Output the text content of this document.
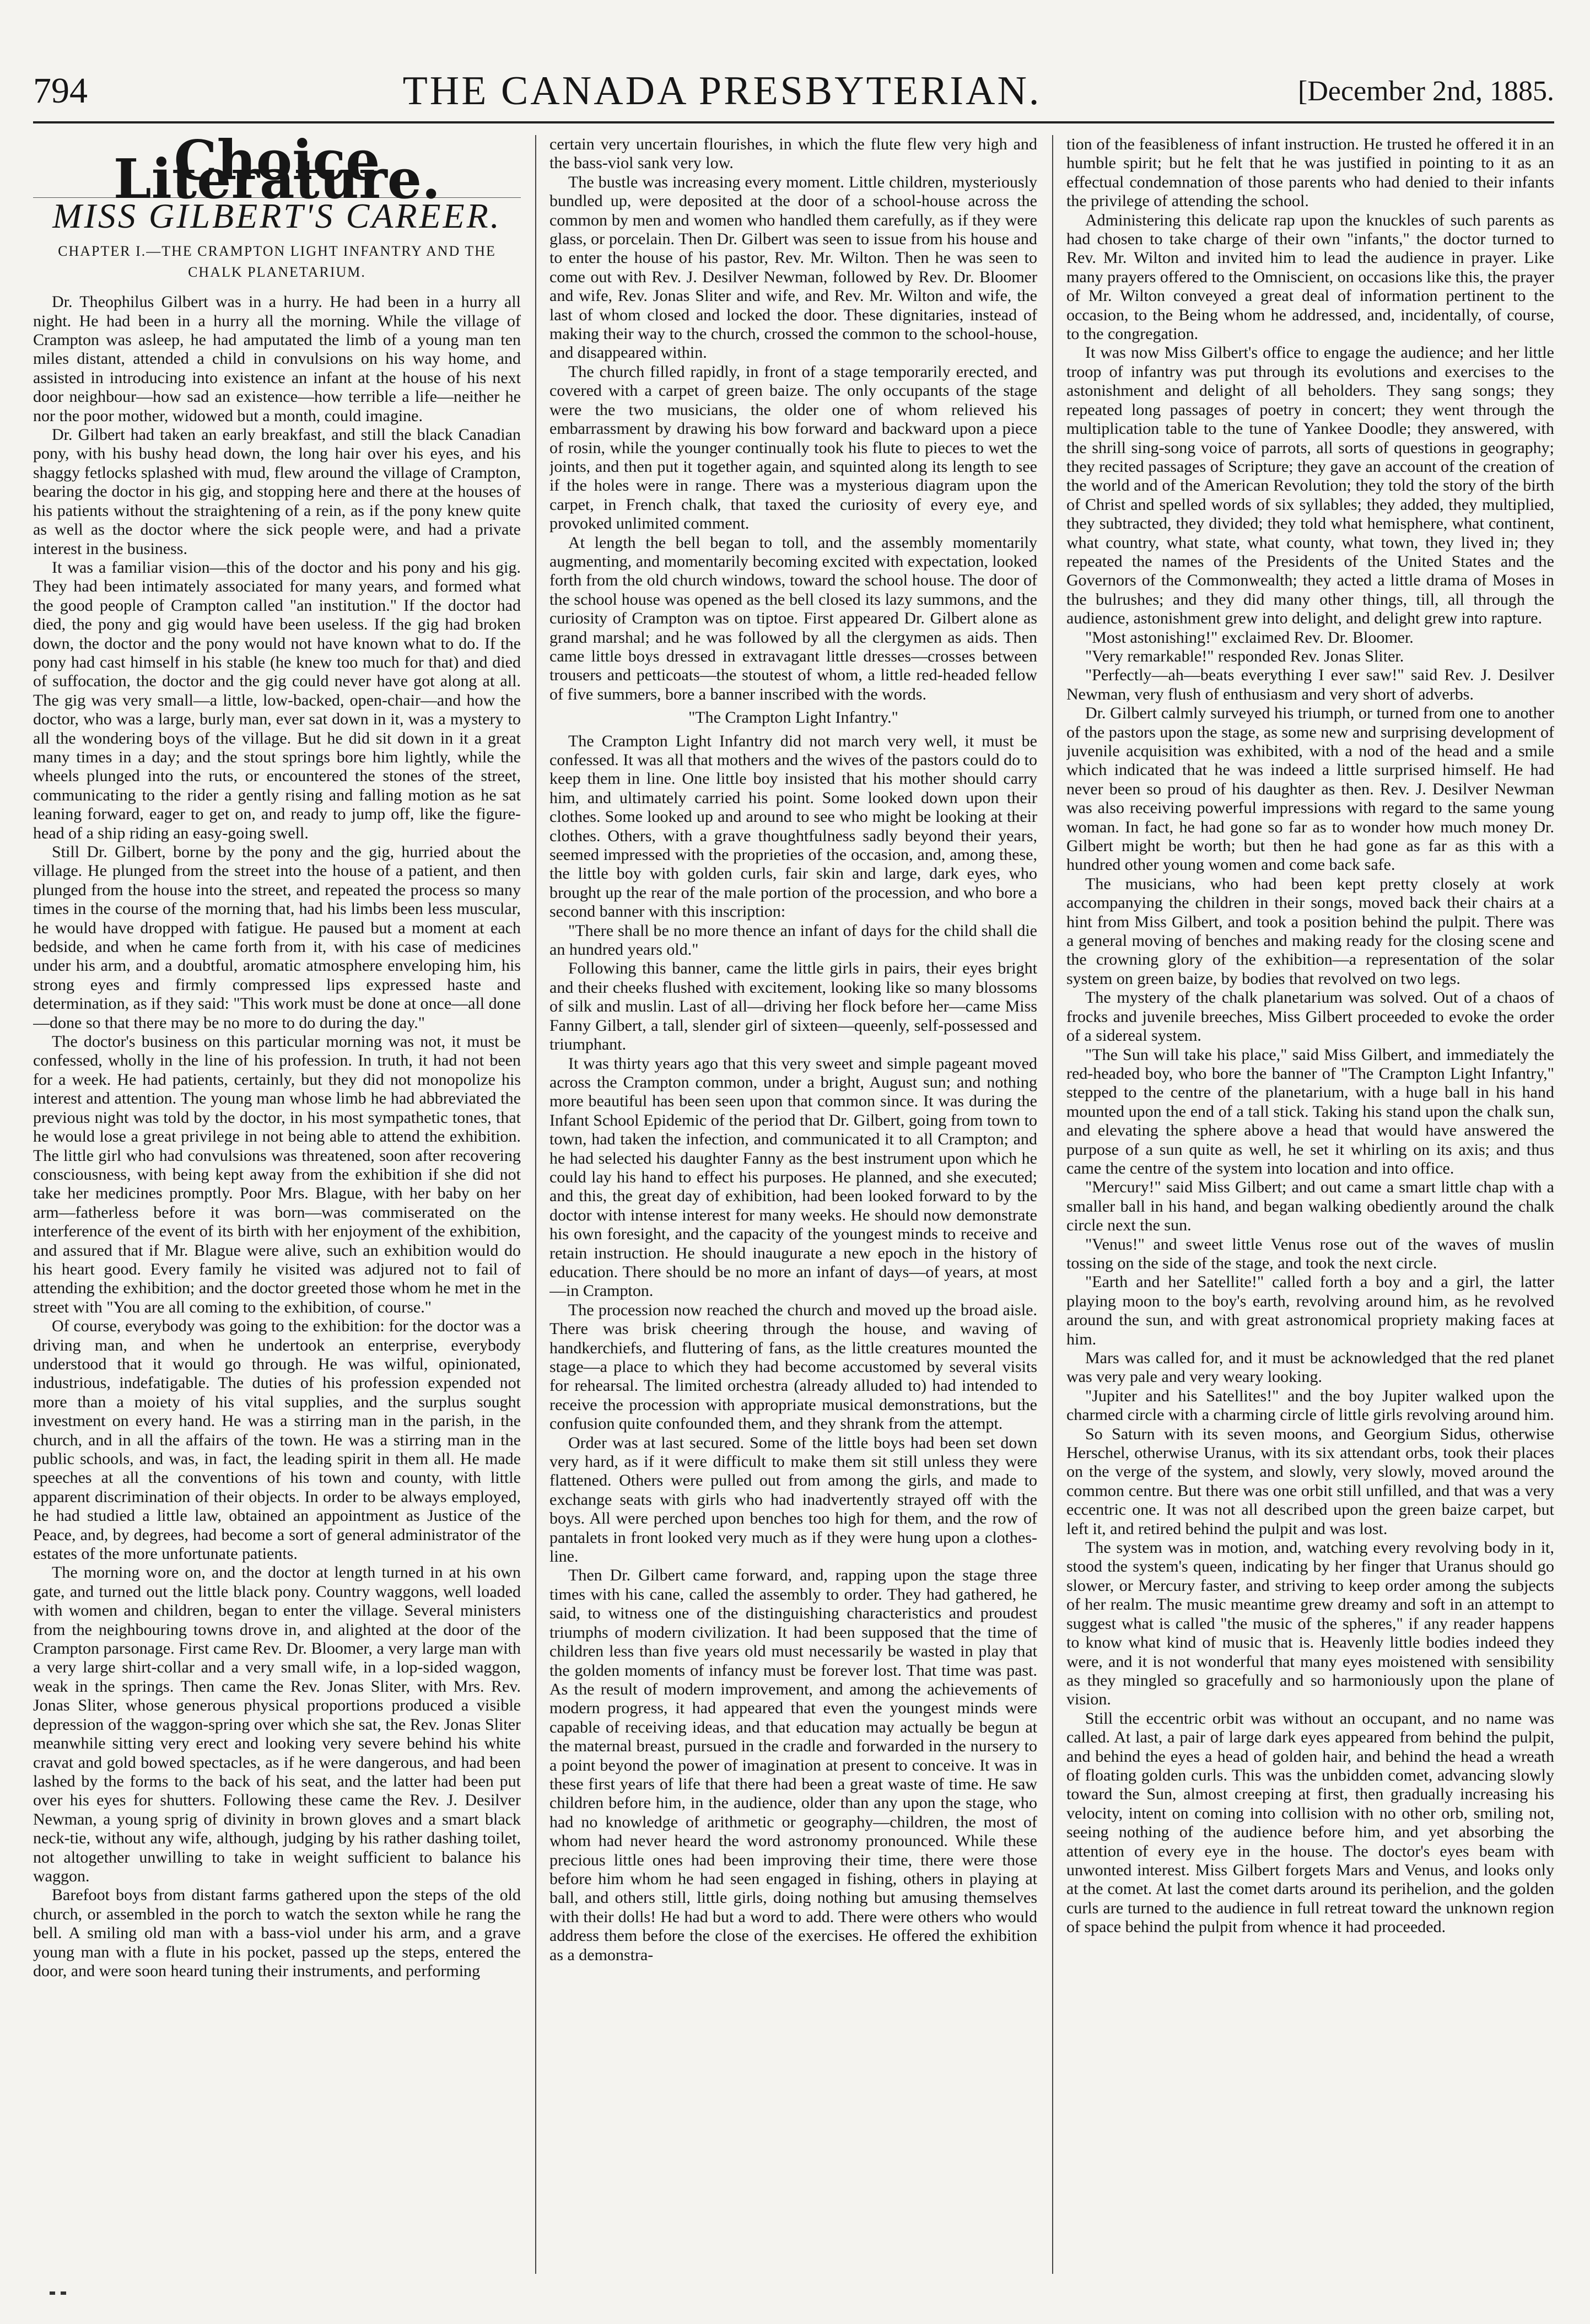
794	THE CANADA PRESBYTERIAN.	[December 2nd, 1885.
Choice Literature.
MISS GILBERT'S CAREER.
CHAPTER I.—THE CRAMPTON LIGHT INFANTRY AND THE CHALK PLANETARIUM.

Dr. Theophilus Gilbert was in a hurry. He had been in a hurry all night. He had been in a hurry all the morning. While the village of Crampton was asleep, he had amputated the limb of a young man ten miles distant, attended a child in convulsions on his way home, and assisted in introducing into existence an infant at the house of his next door neighbour—how sad an existence—how terrible a life—neither he nor the poor mother, widowed but a month, could imagine.

Dr. Gilbert had taken an early breakfast, and still the black Canadian pony, with his bushy head down, the long hair over his eyes, and his shaggy fetlocks splashed with mud, flew around the village of Crampton, bearing the doctor in his gig, and stopping here and there at the houses of his patients without the straightening of a rein, as if the pony knew quite as well as the doctor where the sick people were, and had a private interest in the business.

It was a familiar vision—this of the doctor and his pony and his gig. They had been intimately associated for many years, and formed what the good people of Crampton called "an institution." If the doctor had died, the pony and gig would have been useless. If the gig had broken down, the doctor and the pony would not have known what to do. If the pony had cast himself in his stable (he knew too much for that) and died of suffocation, the doctor and the gig could never have got along at all. The gig was very small—a little, low-backed, open-chair—and how the doctor, who was a large, burly man, ever sat down in it, was a mystery to all the wondering boys of the village. But he did sit down in it a great many times in a day; and the stout springs bore him lightly, while the wheels plunged into the ruts, or encountered the stones of the street, communicating to the rider a gently rising and falling motion as he sat leaning forward, eager to get on, and ready to jump off, like the figure-head of a ship riding an easy-going swell.

Still Dr. Gilbert, borne by the pony and the gig, hurried about the village. He plunged from the street into the house of a patient, and then plunged from the house into the street, and repeated the process so many times in the course of the morning that, had his limbs been less muscular, he would have dropped with fatigue. He paused but a moment at each bedside, and when he came forth from it, with his case of medicines under his arm, and a doubtful, aromatic atmosphere enveloping him, his strong eyes and firmly compressed lips expressed haste and determination, as if they said: "This work must be done at once—all done—done so that there may be no more to do during the day."

The doctor's business on this particular morning was not, it must be confessed, wholly in the line of his profession. In truth, it had not been for a week. He had patients, certainly, but they did not monopolize his interest and attention. The young man whose limb he had abbreviated the previous night was told by the doctor, in his most sympathetic tones, that he would lose a great privilege in not being able to attend the exhibition. The little girl who had convulsions was threatened, soon after recovering consciousness, with being kept away from the exhibition if she did not take her medicines promptly. Poor Mrs. Blague, with her baby on her arm—fatherless before it was born—was commiserated on the interference of the event of its birth with her enjoyment of the exhibition, and assured that if Mr. Blague were alive, such an exhibition would do his heart good. Every family he visited was adjured not to fail of attending the exhibition; and the doctor greeted those whom he met in the street with "You are all coming to the exhibition, of course."

Of course, everybody was going to the exhibition: for the doctor was a driving man, and when he undertook an enterprise, everybody understood that it would go through. He was wilful, opinionated, industrious, indefatigable. The duties of his profession expended not more than a moiety of his vital supplies, and the surplus sought investment on every hand. He was a stirring man in the parish, in the church, and in all the affairs of the town. He was a stirring man in the public schools, and was, in fact, the leading spirit in them all. He made speeches at all the conventions of his town and county, with little apparent discrimination of their objects. In order to be always employed, he had studied a little law, obtained an appointment as Justice of the Peace, and, by degrees, had become a sort of general administrator of the estates of the more unfortunate patients.

The morning wore on, and the doctor at length turned in at his own gate, and turned out the little black pony. Country waggons, well loaded with women and children, began to enter the village. Several ministers from the neighbouring towns drove in, and alighted at the door of the Crampton parsonage. First came Rev. Dr. Bloomer, a very large man with a very large shirt-collar and a very small wife, in a lop-sided waggon, weak in the springs. Then came the Rev. Jonas Sliter, with Mrs. Rev. Jonas Sliter, whose generous physical proportions produced a visible depression of the waggon-spring over which she sat, the Rev. Jonas Sliter meanwhile sitting very erect and looking very severe behind his white cravat and gold bowed spectacles, as if he were dangerous, and had been lashed by the forms to the back of his seat, and the latter had been put over his eyes for shutters. Following these came the Rev. J. Desilver Newman, a young sprig of divinity in brown gloves and a smart black neck-tie, without any wife, although, judging by his rather dashing toilet, not altogether unwilling to take in weight sufficient to balance his waggon.

Barefoot boys from distant farms gathered upon the steps of the old church, or assembled in the porch to watch the sexton while he rang the bell. A smiling old man with a bass-viol under his arm, and a grave young man with a flute in his pocket, passed up the steps, entered the door, and were soon heard tuning their instruments, and performing

certain very uncertain flourishes, in which the flute flew very high and the bass-viol sank very low.

The bustle was increasing every moment. Little children, mysteriously bundled up, were deposited at the door of a school-house across the common by men and women who handled them carefully, as if they were glass, or porcelain. Then Dr. Gilbert was seen to issue from his house and to enter the house of his pastor, Rev. Mr. Wilton. Then he was seen to come out with Rev. J. Desilver Newman, followed by Rev. Dr. Bloomer and wife, Rev. Jonas Sliter and wife, and Rev. Mr. Wilton and wife, the last of whom closed and locked the door. These dignitaries, instead of making their way to the church, crossed the common to the school-house, and disappeared within.

The church filled rapidly, in front of a stage temporarily erected, and covered with a carpet of green baize. The only occupants of the stage were the two musicians, the older one of whom relieved his embarrassment by drawing his bow forward and backward upon a piece of rosin, while the younger continually took his flute to pieces to wet the joints, and then put it together again, and squinted along its length to see if the holes were in range. There was a mysterious diagram upon the carpet, in French chalk, that taxed the curiosity of every eye, and provoked unlimited comment.

At length the bell began to toll, and the assembly momentarily augmenting, and momentarily becoming excited with expectation, looked forth from the old church windows, toward the school house. The door of the school house was opened as the bell closed its lazy summons, and the curiosity of Crampton was on tiptoe. First appeared Dr. Gilbert alone as grand marshal; and he was followed by all the clergymen as aids. Then came little boys dressed in extravagant little dresses—crosses between trousers and petticoats—the stoutest of whom, a little red-headed fellow of five summers, bore a banner inscribed with the words.

"The Crampton Light Infantry."

The Crampton Light Infantry did not march very well, it must be confessed. It was all that mothers and the wives of the pastors could do to keep them in line. One little boy insisted that his mother should carry him, and ultimately carried his point. Some looked down upon their clothes. Some looked up and around to see who might be looking at their clothes. Others, with a grave thoughtfulness sadly beyond their years, seemed impressed with the proprieties of the occasion, and, among these, the little boy with golden curls, fair skin and large, dark eyes, who brought up the rear of the male portion of the procession, and who bore a second banner with this inscription:

"There shall be no more thence an infant of days for the child shall die an hundred years old."

Following this banner, came the little girls in pairs, their eyes bright and their cheeks flushed with excitement, looking like so many blossoms of silk and muslin. Last of all—driving her flock before her—came Miss Fanny Gilbert, a tall, slender girl of sixteen—queenly, self-possessed and triumphant.

It was thirty years ago that this very sweet and simple pageant moved across the Crampton common, under a bright, August sun; and nothing more beautiful has been seen upon that common since. It was during the Infant School Epidemic of the period that Dr. Gilbert, going from town to town, had taken the infection, and communicated it to all Crampton; and he had selected his daughter Fanny as the best instrument upon which he could lay his hand to effect his purposes. He planned, and she executed; and this, the great day of exhibition, had been looked forward to by the doctor with intense interest for many weeks. He should now demonstrate his own foresight, and the capacity of the youngest minds to receive and retain instruction. He should inaugurate a new epoch in the history of education. There should be no more an infant of days—of years, at most—in Crampton.

The procession now reached the church and moved up the broad aisle. There was brisk cheering through the house, and waving of handkerchiefs, and fluttering of fans, as the little creatures mounted the stage—a place to which they had become accustomed by several visits for rehearsal. The limited orchestra (already alluded to) had intended to receive the procession with appropriate musical demonstrations, but the confusion quite confounded them, and they shrank from the attempt.

Order was at last secured. Some of the little boys had been set down very hard, as if it were difficult to make them sit still unless they were flattened. Others were pulled out from among the girls, and made to exchange seats with girls who had inadvertently strayed off with the boys. All were perched upon benches too high for them, and the row of pantalets in front looked very much as if they were hung upon a clothes-line.

Then Dr. Gilbert came forward, and, rapping upon the stage three times with his cane, called the assembly to order. They had gathered, he said, to witness one of the distinguishing characteristics and proudest triumphs of modern civilization. It had been supposed that the time of children less than five years old must necessarily be wasted in play that the golden moments of infancy must be forever lost. That time was past. As the result of modern improvement, and among the achievements of modern progress, it had appeared that even the youngest minds were capable of receiving ideas, and that education may actually be begun at the maternal breast, pursued in the cradle and forwarded in the nursery to a point beyond the power of imagination at present to conceive. It was in these first years of life that there had been a great waste of time. He saw children before him, in the audience, older than any upon the stage, who had no knowledge of arithmetic or geography—children, the most of whom had never heard the word astronomy pronounced. While these precious little ones had been improving their time, there were those before him whom he had seen engaged in fishing, others in playing at ball, and others still, little girls, doing nothing but amusing themselves with their dolls! He had but a word to add. There were others who would address them before the close of the exercises. He offered the exhibition as a demonstra-

tion of the feasibleness of infant instruction. He trusted he offered it in an humble spirit; but he felt that he was justified in pointing to it as an effectual condemnation of those parents who had denied to their infants the privilege of attending the school.

Administering this delicate rap upon the knuckles of such parents as had chosen to take charge of their own "infants," the doctor turned to Rev. Mr. Wilton and invited him to lead the audience in prayer. Like many prayers offered to the Omniscient, on occasions like this, the prayer of Mr. Wilton conveyed a great deal of information pertinent to the occasion, to the Being whom he addressed, and, incidentally, of course, to the congregation.

It was now Miss Gilbert's office to engage the audience; and her little troop of infantry was put through its evolutions and exercises to the astonishment and delight of all beholders. They sang songs; they repeated long passages of poetry in concert; they went through the multiplication table to the tune of Yankee Doodle; they answered, with the shrill sing-song voice of parrots, all sorts of questions in geography; they recited passages of Scripture; they gave an account of the creation of the world and of the American Revolution; they told the story of the birth of Christ and spelled words of six syllables; they added, they multiplied, they subtracted, they divided; they told what hemisphere, what continent, what country, what state, what county, what town, they lived in; they repeated the names of the Presidents of the United States and the Governors of the Commonwealth; they acted a little drama of Moses in the bulrushes; and they did many other things, till, all through the audience, astonishment grew into delight, and delight grew into rapture.

"Most astonishing!" exclaimed Rev. Dr. Bloomer.

"Very remarkable!" responded Rev. Jonas Sliter.

"Perfectly—ah—beats everything I ever saw!" said Rev. J. Desilver Newman, very flush of enthusiasm and very short of adverbs.

Dr. Gilbert calmly surveyed his triumph, or turned from one to another of the pastors upon the stage, as some new and surprising development of juvenile acquisition was exhibited, with a nod of the head and a smile which indicated that he was indeed a little surprised himself. He had never been so proud of his daughter as then. Rev. J. Desilver Newman was also receiving powerful impressions with regard to the same young woman. In fact, he had gone so far as to wonder how much money Dr. Gilbert might be worth; but then he had gone as far as this with a hundred other young women and come back safe.

The musicians, who had been kept pretty closely at work accompanying the children in their songs, moved back their chairs at a hint from Miss Gilbert, and took a position behind the pulpit. There was a general moving of benches and making ready for the closing scene and the crowning glory of the exhibition—a representation of the solar system on green baize, by bodies that revolved on two legs.

The mystery of the chalk planetarium was solved. Out of a chaos of frocks and juvenile breeches, Miss Gilbert proceeded to evoke the order of a sidereal system.

"The Sun will take his place," said Miss Gilbert, and immediately the red-headed boy, who bore the banner of "The Crampton Light Infantry," stepped to the centre of the planetarium, with a huge ball in his hand mounted upon the end of a tall stick. Taking his stand upon the chalk sun, and elevating the sphere above a head that would have answered the purpose of a sun quite as well, he set it whirling on its axis; and thus came the centre of the system into location and into office.

"Mercury!" said Miss Gilbert; and out came a smart little chap with a smaller ball in his hand, and began walking obediently around the chalk circle next the sun.

"Venus!" and sweet little Venus rose out of the waves of muslin tossing on the side of the stage, and took the next circle.

"Earth and her Satellite!" called forth a boy and a girl, the latter playing moon to the boy's earth, revolving around him, as he revolved around the sun, and with great astronomical propriety making faces at him.

Mars was called for, and it must be acknowledged that the red planet was very pale and very weary looking.

"Jupiter and his Satellites!" and the boy Jupiter walked upon the charmed circle with a charming circle of little girls revolving around him.

So Saturn with its seven moons, and Georgium Sidus, otherwise Herschel, otherwise Uranus, with its six attendant orbs, took their places on the verge of the system, and slowly, very slowly, moved around the common centre. But there was one orbit still unfilled, and that was a very eccentric one. It was not all described upon the green baize carpet, but left it, and retired behind the pulpit and was lost.

The system was in motion, and, watching every revolving body in it, stood the system's queen, indicating by her finger that Uranus should go slower, or Mercury faster, and striving to keep order among the subjects of her realm. The music meantime grew dreamy and soft in an attempt to suggest what is called "the music of the spheres," if any reader happens to know what kind of music that is. Heavenly little bodies indeed they were, and it is not wonderful that many eyes moistened with sensibility as they mingled so gracefully and so harmoniously upon the plane of vision.

Still the eccentric orbit was without an occupant, and no name was called. At last, a pair of large dark eyes appeared from behind the pulpit, and behind the eyes a head of golden hair, and behind the head a wreath of floating golden curls. This was the unbidden comet, advancing slowly toward the Sun, almost creeping at first, then gradually increasing his velocity, intent on coming into collision with no other orb, smiling not, seeing nothing of the audience before him, and yet absorbing the attention of every eye in the house. The doctor's eyes beam with unwonted interest. Miss Gilbert forgets Mars and Venus, and looks only at the comet. At last the comet darts around its perihelion, and the golden curls are turned to the audience in full retreat toward the unknown region of space behind the pulpit from whence it had proceeded.
